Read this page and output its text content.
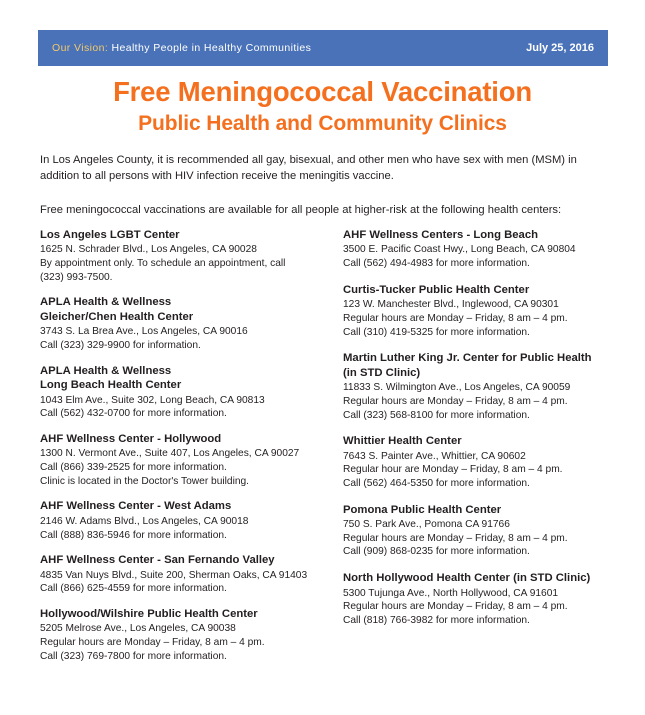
Our Vision: Healthy People in Healthy Communities	July 25, 2016
Free Meningococcal Vaccination
Public Health and Community Clinics
In Los Angeles County, it is recommended all gay, bisexual, and other men who have sex with men (MSM) in addition to all persons with HIV infection receive the meningitis vaccine.
Free meningococcal vaccinations are available for all people at higher-risk at the following health centers:
Los Angeles LGBT Center
1625 N. Schrader Blvd., Los Angeles, CA 90028
By appointment only. To schedule an appointment, call
(323) 993-7500.
APLA Health & Wellness
Gleicher/Chen Health Center
3743 S. La Brea Ave., Los Angeles, CA 90016
Call (323) 329-9900 for information.
APLA Health & Wellness
Long Beach Health Center
1043 Elm Ave., Suite 302, Long Beach, CA 90813
Call (562) 432-0700 for more information.
AHF Wellness Center - Hollywood
1300 N. Vermont Ave., Suite 407, Los Angeles, CA 90027
Call (866) 339-2525 for more information.
Clinic is located in the Doctor's Tower building.
AHF Wellness Center - West Adams
2146 W. Adams Blvd., Los Angeles, CA 90018
Call (888) 836-5946 for more information.
AHF Wellness Center - San Fernando Valley
4835 Van Nuys Blvd., Suite 200, Sherman Oaks, CA 91403
Call (866) 625-4559 for more information.
Hollywood/Wilshire Public Health Center
5205 Melrose Ave., Los Angeles, CA 90038
Regular hours are Monday – Friday, 8 am – 4 pm.
Call (323) 769-7800 for more information.
AHF Wellness Centers - Long Beach
3500 E. Pacific Coast Hwy., Long Beach, CA 90804
Call (562) 494-4983 for more information.
Curtis-Tucker Public Health Center
123 W. Manchester Blvd., Inglewood, CA 90301
Regular hours are Monday – Friday, 8 am – 4 pm.
Call (310) 419-5325 for more information.
Martin Luther King Jr. Center for Public Health
(in STD Clinic)
11833 S. Wilmington Ave., Los Angeles, CA 90059
Regular hours are Monday – Friday, 8 am – 4 pm.
Call (323) 568-8100 for more information.
Whittier Health Center
7643 S. Painter Ave., Whittier, CA 90602
Regular hour are Monday – Friday, 8 am – 4 pm.
Call (562) 464-5350 for more information.
Pomona Public Health Center
750 S. Park Ave., Pomona CA 91766
Regular hours are Monday – Friday, 8 am – 4 pm.
Call (909) 868-0235 for more information.
North Hollywood Health Center (in STD Clinic)
5300 Tujunga Ave., North Hollywood, CA 91601
Regular hours are Monday – Friday, 8 am – 4 pm.
Call (818) 766-3982 for more information.
